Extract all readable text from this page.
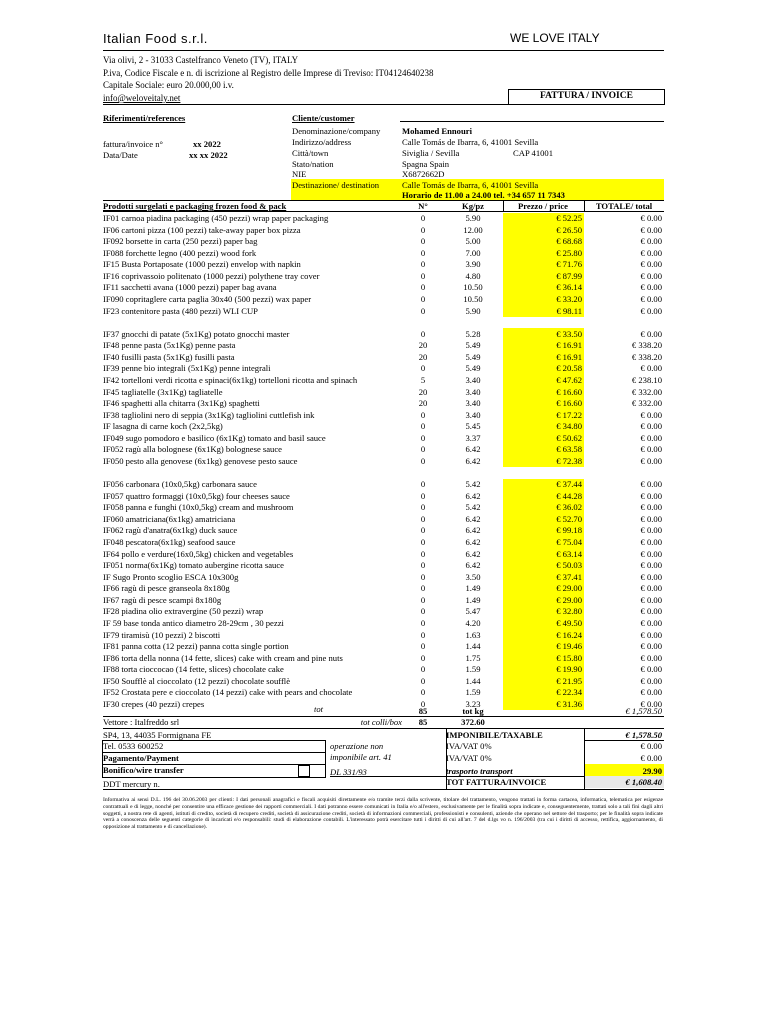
Italian Food s.r.l.	WE LOVE ITALY
Via olivi, 2 - 31033 Castelfranco Veneto (TV), ITALY
P.iva, Codice Fiscale e n. di iscrizione al Registro delle Imprese di Treviso: IT04124640238
Capitale Sociale: euro 20.000,00 i.v.
info@weloveitaly.net	FATTURA / INVOICE
Riferimenti/references
fattura/invoice n°	xx 2022
Data/Date	xx xx 2022
Cliente/customer
Denominazione/company	Mohamed Ennouri
Indirizzo/address	Calle Tomás de Ibarra, 6, 41001 Sevilla
Città/town	Siviglia / Sevilla	CAP 41001
Stato/nation	Spagna Spain
NIE	X6872662D
Destinazione/ destination	Calle Tomás de Ibarra, 6, 41001 Sevilla
Horario de 11.00 a 24.00 tel. +34 657 11 7343
Prodotti surgelati e packaging frozen food & pack	N°	Kg/pz	Prezzo / price	TOTALE/ total
IF01 carnoa piadina packaging (450 pezzi) wrap paper packaging	0	5.90	€ 52.25	€ 0.00
IF06 cartoni pizza (100 pezzi) take-away paper box pizza	0	12.00	€ 26.50	€ 0.00
IF092 borsette in carta (250 pezzi) paper bag	0	5.00	€ 68.68	€ 0.00
IF088 forchette legno (400 pezzi) wood fork	0	7.00	€ 25.80	€ 0.00
IF15 Busta Portaposate (1000 pezzi) envelop with napkin	0	3.90	€ 71.76	€ 0.00
IF16 coprivassoio politenato (1000 pezzi) polythene tray cover	0	4.80	€ 87.99	€ 0.00
IF11 sacchetti avana (1000 pezzi) paper bag avana	0	10.50	€ 36.14	€ 0.00
IF090 copritaglere carta paglia 30x40 (500 pezzi) wax paper	0	10.50	€ 33.20	€ 0.00
IF23 contenitore pasta (480 pezzi) WLI CUP	0	5.90	€ 98.11	€ 0.00
IF37 gnocchi di patate (5x1Kg) potato gnocchi master	0	5.28	€ 33.50	€ 0.00
IF48 penne pasta (5x1Kg) penne pasta	20	5.49	€ 16.91	€ 338.20
IF40 fusilli pasta (5x1Kg) fusilli pasta	20	5.49	€ 16.91	€ 338.20
IF39 penne bio integrali (5x1Kg) penne integrali	0	5.49	€ 20.58	€ 0.00
IF42 tortelloni verdi ricotta e spinaci(6x1kg) tortelloni ricotta and spinach	5	3.40	€ 47.62	€ 238.10
IF45 tagliatelle (3x1Kg) tagliatelle	20	3.40	€ 16.60	€ 332.00
IF46 spaghetti alla chitarra (3x1Kg) spaghetti	20	3.40	€ 16.60	€ 332.00
IF38 tagliolini nero di seppia (3x1Kg) tagliolini cuttlefish ink	0	3.40	€ 17.22	€ 0.00
IF lasagna di carne koch (2x2,5kg)	0	5.45	€ 34.80	€ 0.00
IF049 sugo pomodoro e basilico (6x1Kg) tomato and basil sauce	0	3.37	€ 50.62	€ 0.00
IF052 ragù alla bolognese (6x1Kg) bolognese sauce	0	6.42	€ 63.58	€ 0.00
IF050 pesto alla genovese (6x1kg) genovese pesto sauce	0	6.42	€ 72.38	€ 0.00
IF056 carbonara (10x0,5kg) carbonara sauce	0	5.42	€ 37.44	€ 0.00
IF057 quattro formaggi (10x0,5kg) four cheeses sauce	0	6.42	€ 44.28	€ 0.00
IF058 panna e funghi (10x0,5kg) cream and mushroom	0	5.42	€ 36.02	€ 0.00
IF060 amatriciana(6x1kg) amatriciana	0	6.42	€ 52.70	€ 0.00
IF062 ragù d'anatra(6x1kg) duck sauce	0	6.42	€ 99.18	€ 0.00
IF048 pescatora(6x1kg) seafood sauce	0	6.42	€ 75.04	€ 0.00
IF64 pollo e verdure(16x0,5kg) chicken and vegetables	0	6.42	€ 63.14	€ 0.00
IF051 norma(6x1Kg) tomato aubergine ricotta sauce	0	6.42	€ 50.03	€ 0.00
IF Sugo Pronto scoglio ESCA 10x300g	0	3.50	€ 37.41	€ 0.00
IF66 ragù di pesce granseola 8x180g	0	1.49	€ 29.00	€ 0.00
IF67 ragù di pesce scampi 8x180g	0	1.49	€ 29.00	€ 0.00
IF28 piadina olio extravergine (50 pezzi) wrap	0	5.47	€ 32.80	€ 0.00
IF 59 base tonda antico diametro 28-29cm , 30 pezzi	0	4.20	€ 49.50	€ 0.00
IF79 tiramisù (10 pezzi) 2 biscotti	0	1.63	€ 16.24	€ 0.00
IF81 panna cotta (12 pezzi) panna cotta single portion	0	1.44	€ 19.46	€ 0.00
IF86 torta della nonna (14 fette, slices) cake with cream and pine nuts	0	1.75	€ 15.80	€ 0.00
IF88 torta cioccocao (14 fette, slices) chocolate cake	0	1.59	€ 19.90	€ 0.00
IF50 Soufflè al cioccolato (12 pezzi) chocolate soufflè	0	1.44	€ 21.95	€ 0.00
IF52 Crostata pere e cioccolato (14 pezzi) cake with pears and chocolate	0	1.59	€ 22.34	€ 0.00
IF30 crepes (40 pezzi) crepes	0	3.23	€ 31.36	€ 0.00
tot	85	tot kg	€ 1,578.50
Vettore : Italfreddo srl	tot colli/box	85	372.60
SP4, 13, 44035 Formignana FE
Tel. 0533 600252
Pagamento/Payment
Bonifico/wire transfer
DDT mercury n.
operazione non
imponibile art. 41
DL 331/93
IMPONIBILE/TAXABLE	€ 1,578.50
IVA/VAT 0%	€ 0.00
IVA/VAT 0%	€ 0.00
trasporto transport	29.90
TOT FATTURA/INVOICE	€ 1,608.40
Informativa ai sensi D.L. 196 del 30.06.2003 per clienti: I dati personali anagrafici e fiscali acquisiti direttamente e/o tramite terzi dalla scrivente, titolare del trattamento, vengono trattati in forma cartacea, informatica, telematica per esigenze contrattuali e di legge, nonché per consentire una efficace gestione dei rapporti commerciali. I dati potranno essere comunicati in Italia e/o all'estero, esclusivamente per le finalità sopra indicate e, conseguentemente, trattati solo a tali fini dagli altri soggetti, a nostra rete di agenti, istituti di credito, società di recupero crediti, società di assicurazione crediti, società di informazioni commerciali, professionisti e consulenti, aziende che operano nel settore del trasporto; per le finalità sopra indicate verrà a conoscenza delle seguenti categorie di incaricati e/o responsabili: studi di elaborazione contabili. L'interessato potrà esercitare tutti i diritti di cui all'art. 7 del d.lgs vo n. 196/2003 (tra cui i diritti di accesso, rettifica, aggiornamento, di opposizione al trattamento e di cancellazione).
